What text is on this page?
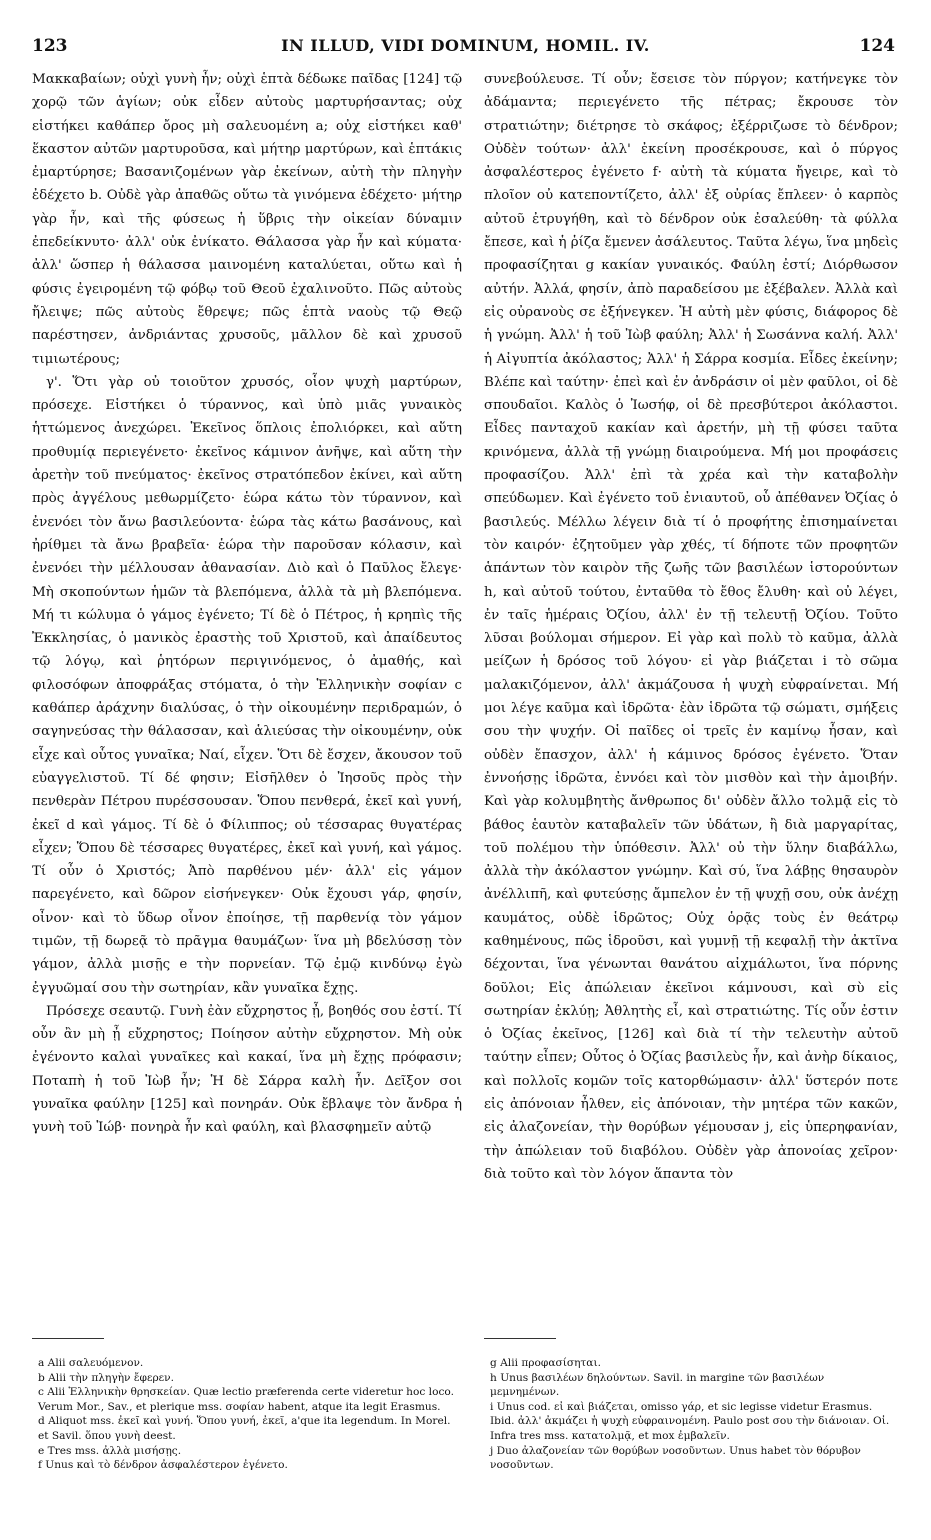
123	IN ILLUD, VIDI DOMINUM, HOMIL. IV.	124

Μακκαβαίων; οὐχὶ γυνὴ ἦν; οὐχὶ ἑπτὰ δέδωκε παῖδας [124] τῷ χορῷ τῶν ἁγίων; οὐκ εἶδεν αὐτοὺς μαρτυρήσαντας; οὐχ εἱστήκει καθάπερ ὄρος μὴ σαλευομένη a; οὐχ εἱστήκει καθ' ἕκαστον αὐτῶν μαρτυροῦσα, καὶ μήτηρ μαρτύρων, καὶ ἑπτάκις ἐμαρτύρησε; Βασανιζομένων γὰρ ἐκείνων, αὐτὴ τὴν πληγὴν ἐδέχετο b. Οὐδὲ γὰρ ἀπαθῶς οὕτω τὰ γινόμενα ἐδέχετο· μήτηρ γὰρ ἦν, καὶ τῆς φύσεως ἡ ὕβρις τὴν οἰκείαν δύναμιν ἐπεδείκνυτο· ἀλλ' οὐκ ἐνίκατο. Θάλασσα γὰρ ἦν καὶ κύματα· ἀλλ' ὥσπερ ἡ θάλασσα μαινομένη καταλύεται, οὕτω καὶ ἡ φύσις ἐγειρομένη τῷ φόβῳ τοῦ Θεοῦ ἐχαλινοῦτο. Πῶς αὐτοὺς ἤλειψε; πῶς αὐτοὺς ἔθρεψε; πῶς ἑπτὰ ναοὺς τῷ Θεῷ παρέστησεν, ἀνδριάντας χρυσοῦς, μᾶλλον δὲ καὶ χρυσοῦ τιμιωτέρους;

γ'. Ὅτι γὰρ οὐ τοιοῦτον χρυσός, οἷον ψυχὴ μαρτύρων, πρόσεχε. Εἱστήκει ὁ τύραννος, καὶ ὑπὸ μιᾶς γυναικὸς ἡττώμενος ἀνεχώρει. Ἐκεῖνος ὅπλοις ἐπολιόρκει, καὶ αὕτη προθυμίᾳ περιεγένετο· ἐκεῖνος κάμινον ἀνῆψε, καὶ αὕτη τὴν ἀρετὴν τοῦ πνεύματος· ἐκεῖνος στρατόπεδον ἐκίνει, καὶ αὕτη πρὸς ἀγγέλους μεθωρμίζετο· ἑώρα κάτω τὸν τύραννον, καὶ ἐνενόει τὸν ἄνω βασιλεύοντα· ἑώρα τὰς κάτω βασάνους, καὶ ἠρίθμει τὰ ἄνω βραβεῖα· ἑώρα τὴν παροῦσαν κόλασιν, καὶ ἐνενόει τὴν μέλλουσαν ἀθανασίαν. Διὸ καὶ ὁ Παῦλος ἔλεγε· Μὴ σκοπούντων ἡμῶν τὰ βλεπόμενα, ἀλλὰ τὰ μὴ βλεπόμενα. Μή τι κώλυμα ὁ γάμος ἐγένετο; Τί δὲ ὁ Πέτρος, ἡ κρηπὶς τῆς Ἐκκλησίας, ὁ μανικὸς ἐραστὴς τοῦ Χριστοῦ, καὶ ἀπαίδευτος τῷ λόγῳ, καὶ ῥητόρων περιγινόμενος, ὁ ἀμαθής, καὶ φιλοσόφων ἀποφράξας στόματα, ὁ τὴν Ἑλληνικὴν σοφίαν c καθάπερ ἀράχνην διαλύσας, ὁ τὴν οἰκουμένην περιδραμών, ὁ σαγηνεύσας τὴν θάλασσαν, καὶ ἁλιεύσας τὴν οἰκουμένην, οὐκ εἶχε καὶ οὗτος γυναῖκα; Ναί, εἶχεν. Ὅτι δὲ ἔσχεν, ἄκουσον τοῦ εὐαγγελιστοῦ. Τί δέ φησιν; Εἰσῆλθεν ὁ Ἰησοῦς πρὸς τὴν πενθερὰν Πέτρου πυρέσσουσαν. Ὅπου πενθερά, ἐκεῖ καὶ γυνή, ἐκεῖ d καὶ γάμος. Τί δὲ ὁ Φίλιππος; οὐ τέσσαρας θυγατέρας εἶχεν; Ὅπου δὲ τέσσαρες θυγατέρες, ἐκεῖ καὶ γυνή, καὶ γάμος. Τί οὖν ὁ Χριστός; Ἀπὸ παρθένου μέν· ἀλλ' εἰς γάμον παρεγένετο, καὶ δῶρον εἰσήνεγκεν· Οὐκ ἔχουσι γάρ, φησίν, οἶνον· καὶ τὸ ὕδωρ οἶνον ἐποίησε, τῇ παρθενίᾳ τὸν γάμον τιμῶν, τῇ δωρεᾷ τὸ πρᾶγμα θαυμάζων· ἵνα μὴ βδελύσσῃ τὸν γάμον, ἀλλὰ μισῇς e τὴν πορνείαν. Τῷ ἐμῷ κινδύνῳ ἐγὼ ἐγγυῶμαί σου τὴν σωτηρίαν, κἂν γυναῖκα ἔχῃς.

Πρόσεχε σεαυτῷ. Γυνὴ ἐὰν εὔχρηστος ᾖ, βοηθός σου ἐστί. Τί οὖν ἂν μὴ ᾖ εὔχρηστος; Ποίησον αὐτὴν εὔχρηστον. Μὴ οὐκ ἐγένοντο καλαὶ γυναῖκες καὶ κακαί, ἵνα μὴ ἔχῃς πρόφασιν; Ποταπὴ ἡ τοῦ Ἰὼβ ἦν; Ἡ δὲ Σάρρα καλὴ ἦν. Δεῖξον σοι γυναῖκα φαύλην [125] καὶ πονηράν. Οὐκ ἔβλαψε τὸν ἄνδρα ἡ γυνὴ τοῦ Ἰώβ· πονηρὰ ἦν καὶ φαύλη, καὶ βλασφημεῖν αὐτῷ

συνεβούλευσε. Τί οὖν; ἔσεισε τὸν πύργον; κατήνεγκε τὸν ἀδάμαντα; περιεγένετο τῆς πέτρας; ἔκρουσε τὸν στρατιώτην; διέτρησε τὸ σκάφος; ἐξέρριζωσε τὸ δένδρον; Οὐδὲν τούτων· ἀλλ' ἐκείνη προσέκρουσε, καὶ ὁ πύργος ἀσφαλέστερος ἐγένετο f· αὐτὴ τὰ κύματα ἤγειρε, καὶ τὸ πλοῖον οὐ κατεποντίζετο, ἀλλ' ἐξ οὐρίας ἔπλεεν· ὁ καρπὸς αὐτοῦ ἐτρυγήθη, καὶ τὸ δένδρον οὐκ ἐσαλεύθη· τὰ φύλλα ἔπεσε, καὶ ἡ ῥίζα ἔμενεν ἀσάλευτος. Ταῦτα λέγω, ἵνα μηδεὶς προφασίζηται g κακίαν γυναικός. Φαύλη ἐστί; Διόρθωσον αὐτήν. Ἀλλά, φησίν, ἀπὸ παραδείσου με ἐξέβαλεν. Ἀλλὰ καὶ εἰς οὐρανοὺς σε ἐξήνεγκεν. Ἡ αὐτὴ μὲν φύσις, διάφορος δὲ ἡ γνώμη. Ἀλλ' ἡ τοῦ Ἰὼβ φαύλη; Ἀλλ' ἡ Σωσάννα καλή. Ἀλλ' ἡ Αἰγυπτία ἀκόλαστος; Ἀλλ' ἡ Σάρρα κοσμία. Εἶδες ἐκείνην; Βλέπε καὶ ταύτην· ἐπεὶ καὶ ἐν ἀνδράσιν οἱ μὲν φαῦλοι, οἱ δὲ σπουδαῖοι. Καλὸς ὁ Ἰωσήφ, οἱ δὲ πρεσβύτεροι ἀκόλαστοι. Εἶδες πανταχοῦ κακίαν καὶ ἀρετήν, μὴ τῇ φύσει ταῦτα κρινόμενα, ἀλλὰ τῇ γνώμῃ διαιρούμενα. Μή μοι προφάσεις προφασίζου. Ἀλλ' ἐπὶ τὰ χρέα καὶ τὴν καταβολὴν σπεύδωμεν. Καὶ ἐγένετο τοῦ ἐνιαυτοῦ, οὗ ἀπέθανεν Ὀζίας ὁ βασιλεύς. Μέλλω λέγειν διὰ τί ὁ προφήτης ἐπισημαίνεται τὸν καιρόν· ἐζητοῦμεν γὰρ χθές, τί δήποτε τῶν προφητῶν ἁπάντων τὸν καιρὸν τῆς ζωῆς τῶν βασιλέων ἱστορούντων h, καὶ αὐτοῦ τούτου, ἐνταῦθα τὸ ἔθος ἔλυθη· καὶ οὐ λέγει, ἐν ταῖς ἡμέραις Ὀζίου, ἀλλ' ἐν τῇ τελευτῇ Ὀζίου. Τοῦτο λῦσαι βούλομαι σήμερον. Εἰ γὰρ καὶ πολὺ τὸ καῦμα, ἀλλὰ μείζων ἡ δρόσος τοῦ λόγου· εἰ γὰρ βιάζεται i τὸ σῶμα μαλακιζόμενον, ἀλλ' ἀκμάζουσα ἡ ψυχὴ εὐφραίνεται. Μή μοι λέγε καῦμα καὶ ἱδρῶτα· ἐὰν ἱδρῶτα τῷ σώματι, σμήξεις σου τὴν ψυχήν. Οἱ παῖδες οἱ τρεῖς ἐν καμίνῳ ἦσαν, καὶ οὐδὲν ἔπασχον, ἀλλ' ἡ κάμινος δρόσος ἐγένετο. Ὅταν ἐννοήσῃς ἱδρῶτα, ἐννόει καὶ τὸν μισθὸν καὶ τὴν ἀμοιβήν. Καὶ γὰρ κολυμβητὴς ἄνθρωπος δι' οὐδὲν ἄλλο τολμᾷ εἰς τὸ βάθος ἑαυτὸν καταβαλεῖν τῶν ὑδάτων, ἢ διὰ μαργαρίτας, τοῦ πολέμου τὴν ὑπόθεσιν. Ἀλλ' οὐ τὴν ὕλην διαβάλλω, ἀλλὰ τὴν ἀκόλαστον γνώμην. Καὶ σύ, ἵνα λάβῃς θησαυρὸν ἀνέλλιπῆ, καὶ φυτεύσῃς ἄμπελον ἐν τῇ ψυχῇ σου, οὐκ ἀνέχῃ καυμάτος, οὐδὲ ἱδρῶτος; Οὐχ ὁρᾷς τοὺς ἐν θεάτρῳ καθημένους, πῶς ἱδροῦσι, καὶ γυμνῇ τῇ κεφαλῇ τὴν ἀκτῖνα δέχονται, ἵνα γένωνται θανάτου αἰχμάλωτοι, ἵνα πόρνης δοῦλοι; Εἰς ἀπώλειαν ἐκεῖνοι κάμνουσι, καὶ σὺ εἰς σωτηρίαν ἐκλύῃ; Ἀθλητὴς εἶ, καὶ στρατιώτης. Τίς οὖν ἐστιν ὁ Ὀζίας ἐκεῖνος, [126] καὶ διὰ τί τὴν τελευτὴν αὐτοῦ ταύτην εἶπεν; Οὗτος ὁ Ὀζίας βασιλεὺς ἦν, καὶ ἀνὴρ δίκαιος, καὶ πολλοῖς κομῶν τοῖς κατορθώμασιν· ἀλλ' ὕστερόν ποτε εἰς ἀπόνοιαν ἦλθεν, εἰς ἀπόνοιαν, τὴν μητέρα τῶν κακῶν, εἰς ἀλαζονείαν, τὴν θορύβων γέμουσαν j, εἰς ὑπερηφανίαν, τὴν ἀπώλειαν τοῦ διαβόλου. Οὐδὲν γὰρ ἀπονοίας χεῖρον· διὰ τοῦτο καὶ τὸν λόγον ἅπαντα τὸν

a Alii σαλευόμενον.

b Alii τὴν πληγὴν ἔφερεν.

c Alii Ἑλληνικὴν θρησκείαν. Quæ lectio præferenda certe videretur hoc loco. Verum Mor., Sav., et plerique mss. σοφίαν habent, atque ita legit Erasmus.

d Aliquot mss. ἐκεῖ καὶ γυνή. Ὅπου γυνή, ἐκεῖ, a'que ita legendum. In Morel. et Savil. ὅπου γυνὴ deest.

e Tres mss. ἀλλὰ μισήσῃς.

f Unus καὶ τὸ δένδρον ἀσφαλέστερον ἐγένετο.

g Alii προφασίσηται.

h Unus βασιλέων δηλούντων. Savil. in margine τῶν βασιλέων μεμνημένων.

i Unus cod. εἰ καὶ βιάζεται, omisso γάρ, et sic legisse videtur Erasmus. Ibid. ἀλλ' ἀκμάζει ἡ ψυχὴ εὐφραινομένη. Paulo post σου τὴν διάνοιαν. Οἱ. Infra tres mss. κατατολμᾷ, et mox ἐμβαλεῖν.

j Duo ἀλαζονείαν τῶν θορύβων νοσοῦντων. Unus habet τὸν θόρυβον νοσοῦντων.
